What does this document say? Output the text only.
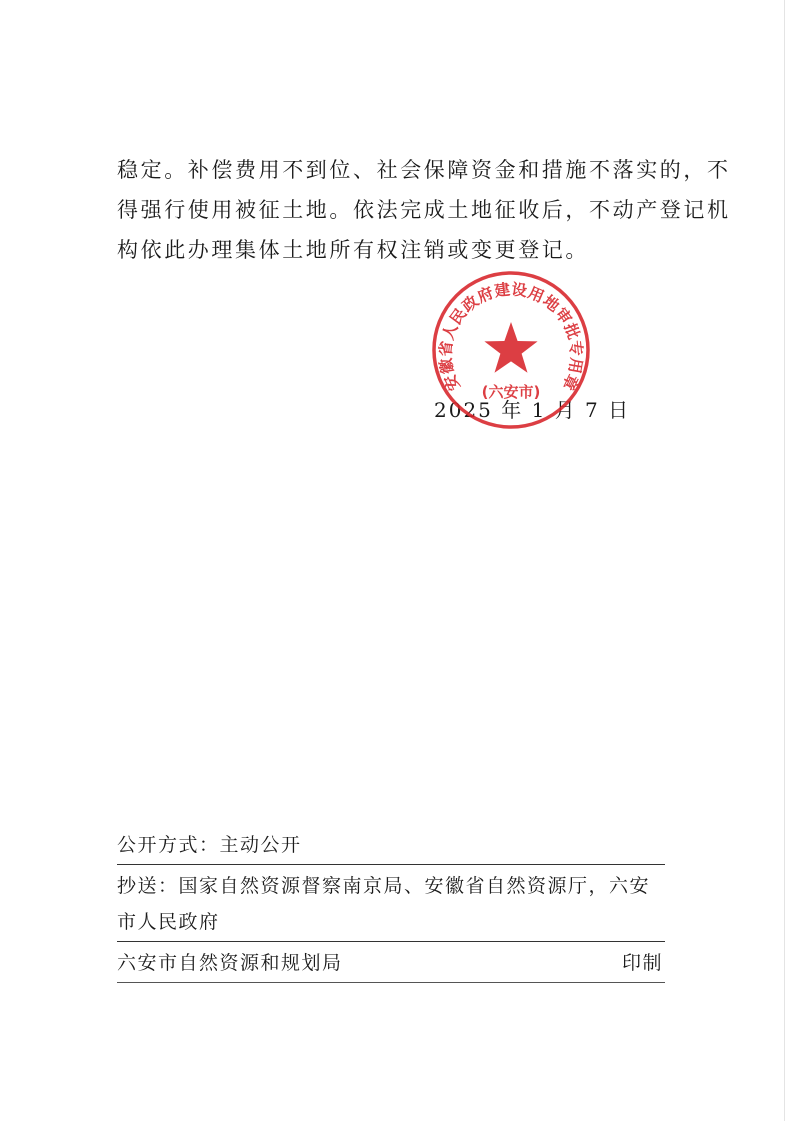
稳定。补偿费用不到位、社会保障资金和措施不落实的，不
得强行使用被征土地。依法完成土地征收后，不动产登记机
构依此办理集体土地所有权注销或变更登记。
2025 年 1 月 7 日
安徽省人民政府建设用地审批专用章
(六安市)
公开方式：主动公开
抄送：国家自然资源督察南京局、安徽省自然资源厅，六安
市人民政府
六安市自然资源和规划局	印制
